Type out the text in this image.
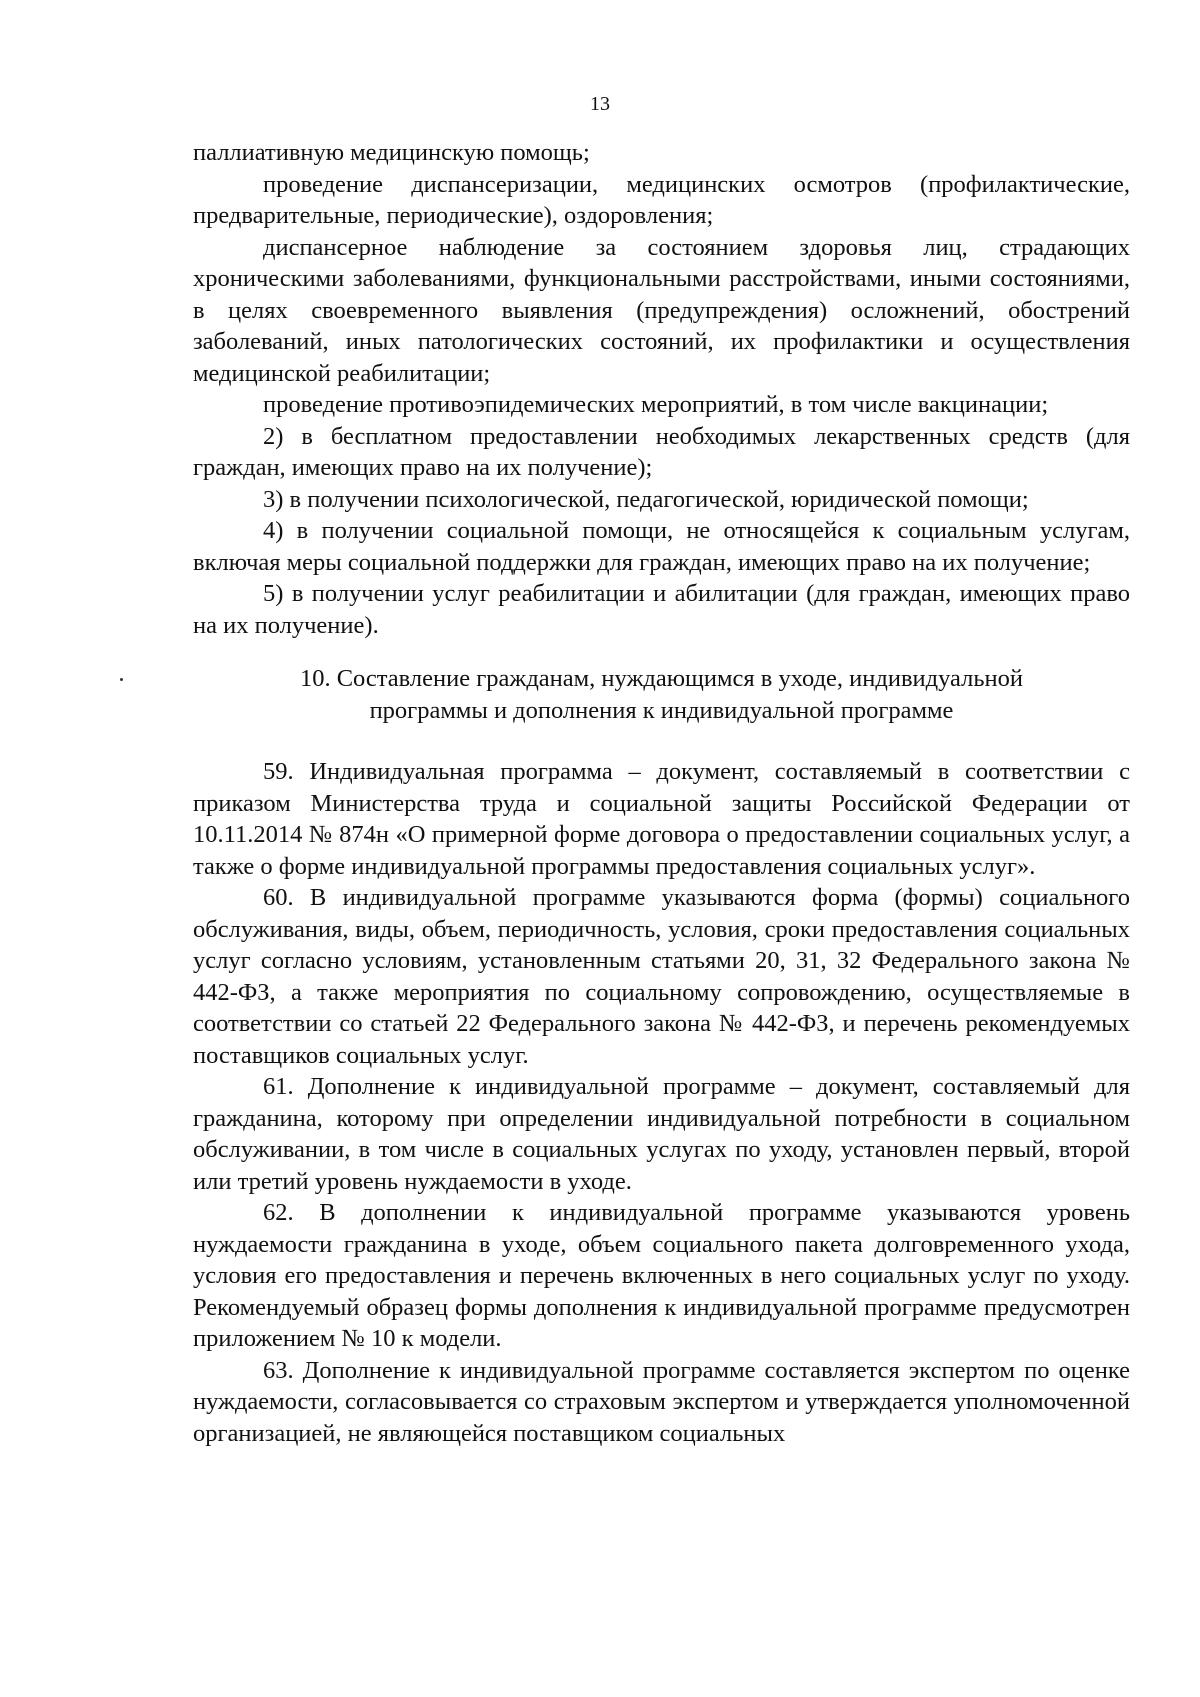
13

паллиативную медицинскую помощь;

проведение диспансеризации, медицинских осмотров (профилактические, предварительные, периодические), оздоровления;

диспансерное наблюдение за состоянием здоровья лиц, страдающих хроническими заболеваниями, функциональными расстройствами, иными состояниями, в целях своевременного выявления (предупреждения) осложнений, обострений заболеваний, иных патологических состояний, их профилактики и осуществления медицинской реабилитации;

проведение противоэпидемических мероприятий, в том числе вакцинации;

2) в бесплатном предоставлении необходимых лекарственных средств (для граждан, имеющих право на их получение);

3) в получении психологической, педагогической, юридической помощи;

4) в получении социальной помощи, не относящейся к социальным услугам, включая меры социальной поддержки для граждан, имеющих право на их получение;

5) в получении услуг реабилитации и абилитации (для граждан, имеющих право на их получение).

10. Составление гражданам, нуждающимся в уходе, индивидуальной
программы и дополнения к индивидуальной программе

59. Индивидуальная программа – документ, составляемый в соответствии с приказом Министерства труда и социальной защиты Российской Федерации от 10.11.2014 № 874н «О примерной форме договора о предоставлении социальных услуг, а также о форме индивидуальной программы предоставления социальных услуг».

60. В индивидуальной программе указываются форма (формы) социального обслуживания, виды, объем, периодичность, условия, сроки предоставления социальных услуг согласно условиям, установленным статьями 20, 31, 32 Федерального закона № 442-ФЗ, а также мероприятия по социальному сопровождению, осуществляемые в соответствии со статьей 22 Федерального закона № 442-ФЗ, и перечень рекомендуемых поставщиков социальных услуг.

61. Дополнение к индивидуальной программе – документ, составляемый для гражданина, которому при определении индивидуальной потребности в социальном обслуживании, в том числе в социальных услугах по уходу, установлен первый, второй или третий уровень нуждаемости в уходе.

62. В дополнении к индивидуальной программе указываются уровень нуждаемости гражданина в уходе, объем социального пакета долговременного ухода, условия его предоставления и перечень включенных в него социальных услуг по уходу. Рекомендуемый образец формы дополнения к индивидуальной программе предусмотрен приложением № 10 к модели.

63. Дополнение к индивидуальной программе составляется экспертом по оценке нуждаемости, согласовывается со страховым экспертом и утверждается уполномоченной организацией, не являющейся поставщиком социальных
